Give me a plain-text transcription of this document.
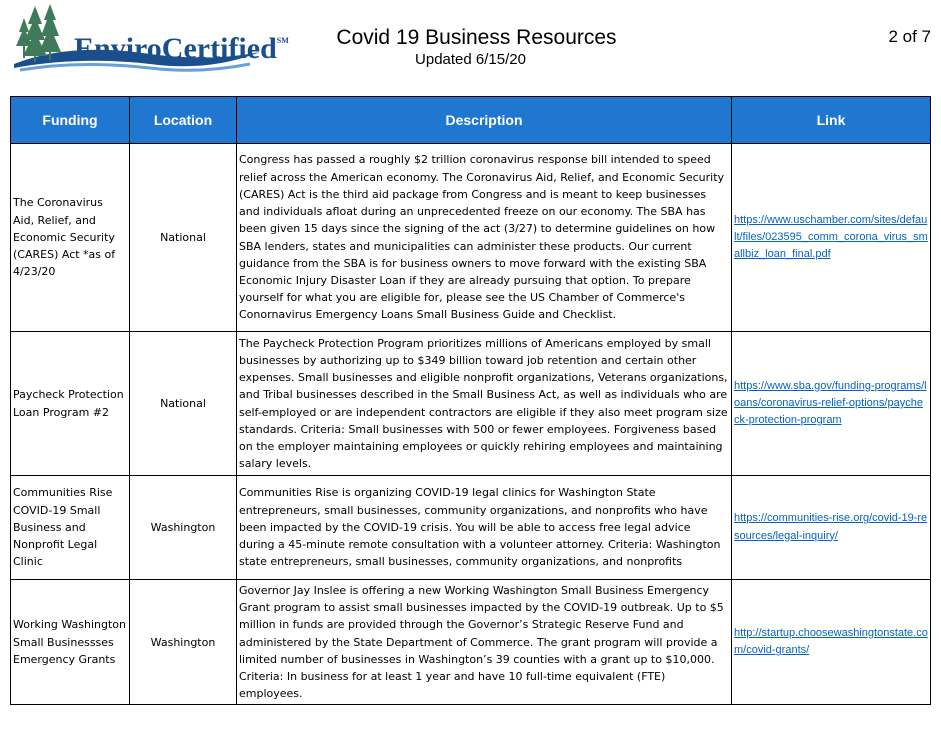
EnviroCertified℠	Covid 19 Business Resources
Updated 6/15/20
2 of 7
Funding	Location	Description	Link
The Coronavirus Aid, Relief, and Economic Security (CARES) Act *as of 4/23/20	National	Congress has passed a roughly $2 trillion coronavirus response bill intended to speed relief across the American economy. The Coronavirus Aid, Relief, and Economic Security (CARES) Act is the third aid package from Congress and is meant to keep businesses and individuals afloat during an unprecedented freeze on our economy. The SBA has been given 15 days since the signing of the act (3/27) to determine guidelines on how SBA lenders, states and municipalities can administer these products. Our current guidance from the SBA is for business owners to move forward with the existing SBA Economic Injury Disaster Loan if they are already pursuing that option. To prepare yourself for what you are eligible for, please see the US Chamber of Commerce's Conornavirus Emergency Loans Small Business Guide and Checklist.	https://www.uschamber.com/sites/default/files/023595_comm_corona_virus_smallbiz_loan_final.pdf
Paycheck Protection Loan Program #2	National	The Paycheck Protection Program prioritizes millions of Americans employed by small businesses by authorizing up to $349 billion toward job retention and certain other expenses. Small businesses and eligible nonprofit organizations, Veterans organizations, and Tribal businesses described in the Small Business Act, as well as individuals who are self-employed or are independent contractors are eligible if they also meet program size standards. Criteria: Small businesses with 500 or fewer employees. Forgiveness based on the employer maintaining employees or quickly rehiring employees and maintaining salary levels.	https://www.sba.gov/funding-programs/loans/coronavirus-relief-options/paycheck-protection-program
Communities Rise COVID-19 Small Business and Nonprofit Legal Clinic	Washington	Communities Rise is organizing COVID-19 legal clinics for Washington State entrepreneurs, small businesses, community organizations, and nonprofits who have been impacted by the COVID-19 crisis. You will be able to access free legal advice during a 45-minute remote consultation with a volunteer attorney. Criteria: Washington state entrepreneurs, small businesses, community organizations, and nonprofits	https://communities-rise.org/covid-19-resources/legal-inquiry/
Working Washington Small Businessses Emergency Grants	Washington	Governor Jay Inslee is offering a new Working Washington Small Business Emergency Grant program to assist small businesses impacted by the COVID-19 outbreak. Up to $5 million in funds are provided through the Governor’s Strategic Reserve Fund and administered by the State Department of Commerce. The grant program will provide a limited number of businesses in Washington’s 39 counties with a grant up to $10,000. Criteria: In business for at least 1 year and have 10 full-time equivalent (FTE) employees.	http://startup.choosewashingtonstate.com/covid-grants/
